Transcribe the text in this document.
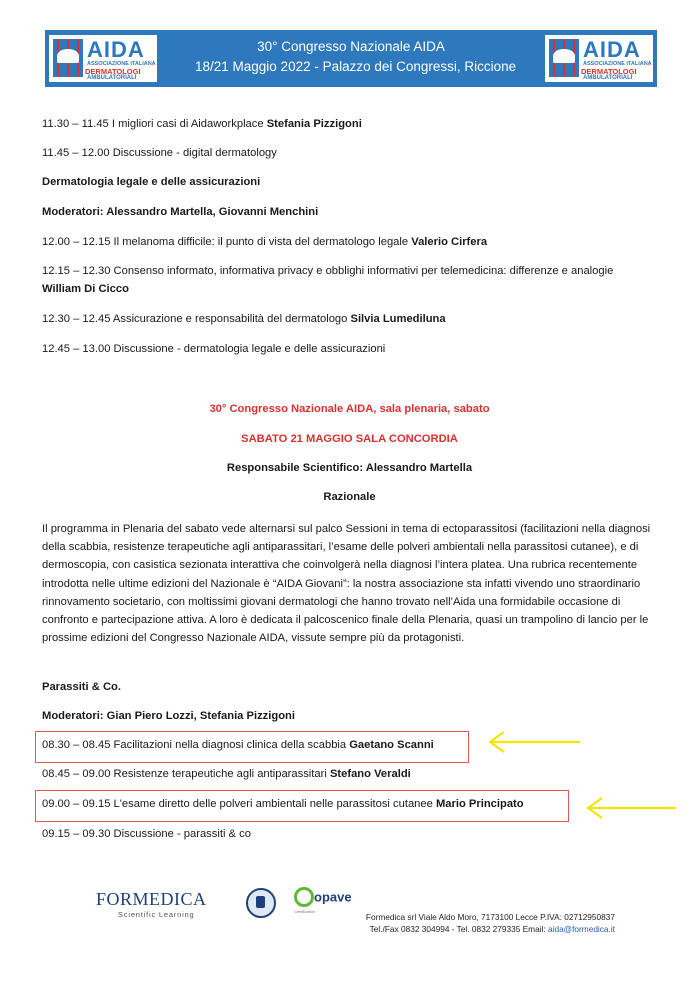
AIDA
ASSOCIAZIONE ITALIANA
DERMATOLOGI
AMBULATORIALI
30° Congresso Nazionale AIDA
18/21 Maggio 2022 - Palazzo dei Congressi, Riccione
AIDA
ASSOCIAZIONE ITALIANA
DERMATOLOGI
AMBULATORIALI
11.30 – 11.45 I migliori casi di Aidaworkplace Stefania Pizzigoni
11.45 – 12.00 Discussione - digital dermatology
Dermatologia legale e delle assicurazioni
Moderatori: Alessandro Martella, Giovanni Menchini
12.00 – 12.15 Il melanoma difficile: il punto di vista del dermatologo legale Valerio Cirfera
12.15 – 12.30 Consenso informato, informativa privacy e obblighi informativi per telemedicina: differenze e analogie
William Di Cicco
12.30 – 12.45 Assicurazione e responsabilità del dermatologo Silvia Lumediluna
12.45 – 13.00 Discussione - dermatologia legale e delle assicurazioni
30° Congresso Nazionale AIDA, sala plenaria, sabato
SABATO 21 MAGGIO SALA CONCORDIA
Responsabile Scientifico: Alessandro Martella
Razionale
Il programma in Plenaria del sabato vede alternarsi sul palco Sessioni in tema di ectoparassitosi (facilitazioni nella diagnosi della scabbia, resistenze terapeutiche agli antiparassitari, l’esame delle polveri ambientali nella parassitosi cutanee), e di dermoscopia, con casistica sezionata interattiva che coinvolgerà nella diagnosi l’intera platea. Una rubrica recentemente introdotta nelle ultime edizioni del Nazionale è “AIDA Giovani”: la nostra associazione sta infatti vivendo uno straordinario rinnovamento societario, con moltissimi giovani dermatologi che hanno trovato nell’Aida una formidabile occasione di confronto e partecipazione attiva. A loro è dedicata il palcoscenico finale della Plenaria, quasi un trampolino di lancio per le prossime edizioni del Congresso Nazionale AIDA, vissute sempre più da protagonisti.
Parassiti & Co.
Moderatori: Gian Piero Lozzi, Stefania Pizzigoni
08.30 – 08.45 Facilitazioni nella diagnosi clinica della scabbia Gaetano Scanni
08.45 – 09.00 Resistenze terapeutiche agli antiparassitari Stefano Veraldi
09.00 – 09.15 L'esame diretto delle polveri ambientali nelle parassitosi cutanee Mario Principato
09.15 – 09.30 Discussione - parassiti & co
FORMEDICA
Scientific Learning
opave
Certification
Formedica srl Viale Aldo Moro, 7173100 Lecce P.IVA: 02712950837
Tel./Fax 0832 304994 - Tel. 0832 279335 Email: aida@formedica.it
